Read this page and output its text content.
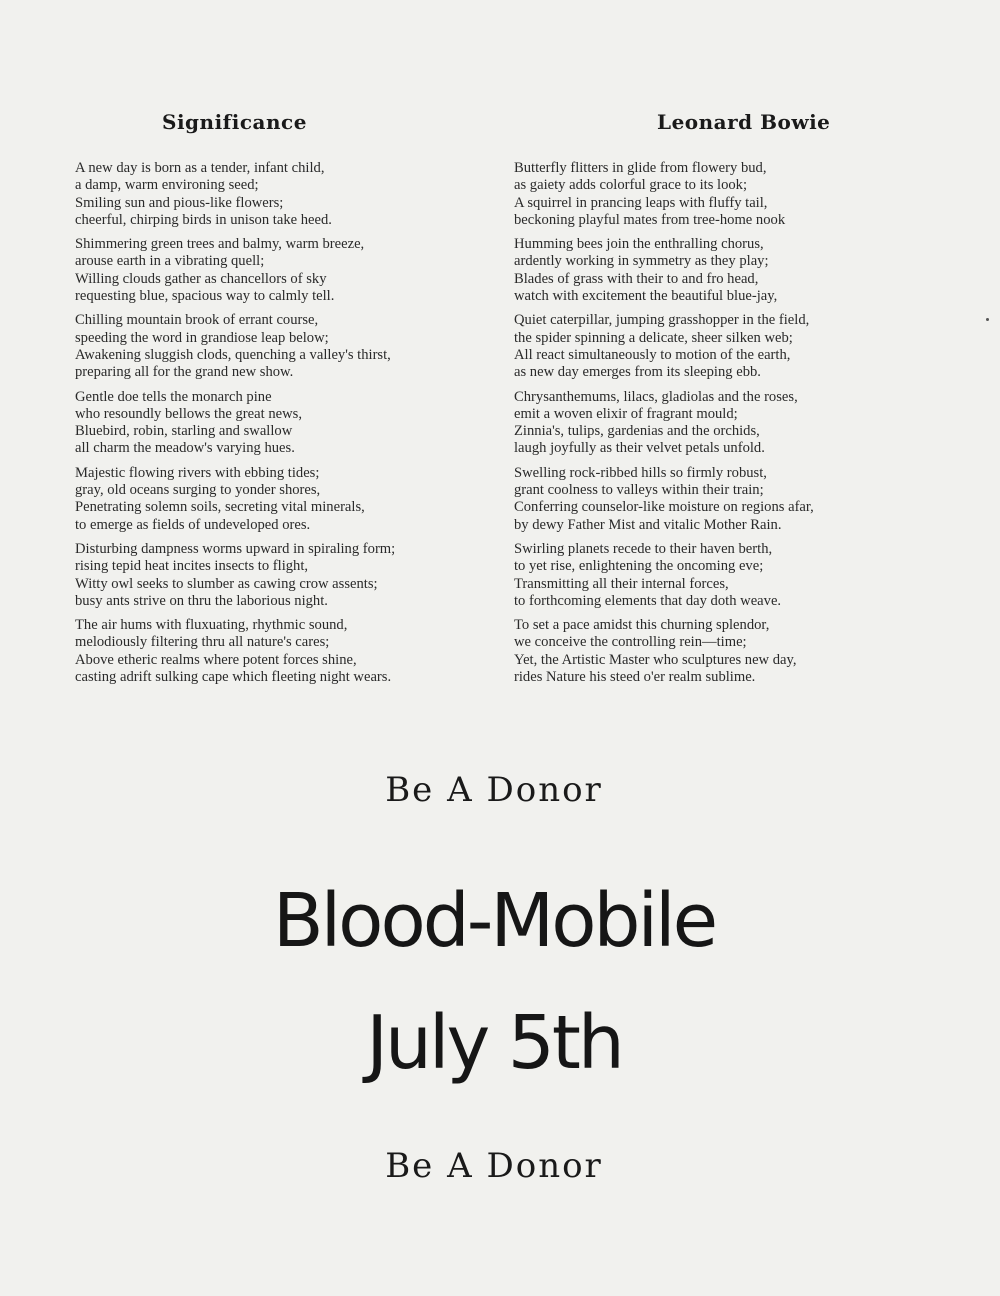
Significance	Leonard Bowie
A new day is born as a tender, infant child,
a damp, warm environing seed;
Smiling sun and pious-like flowers;
cheerful, chirping birds in unison take heed.
Shimmering green trees and balmy, warm breeze,
arouse earth in a vibrating quell;
Willing clouds gather as chancellors of sky
requesting blue, spacious way to calmly tell.
Chilling mountain brook of errant course,
speeding the word in grandiose leap below;
Awakening sluggish clods, quenching a valley's thirst,
preparing all for the grand new show.
Gentle doe tells the monarch pine
who resoundly bellows the great news,
Bluebird, robin, starling and swallow
all charm the meadow's varying hues.
Majestic flowing rivers with ebbing tides;
gray, old oceans surging to yonder shores,
Penetrating solemn soils, secreting vital minerals,
to emerge as fields of undeveloped ores.
Disturbing dampness worms upward in spiraling form;
rising tepid heat incites insects to flight,
Witty owl seeks to slumber as cawing crow assents;
busy ants strive on thru the laborious night.
The air hums with fluxuating, rhythmic sound,
melodiously filtering thru all nature's cares;
Above etheric realms where potent forces shine,
casting adrift sulking cape which fleeting night wears.
Butterfly flitters in glide from flowery bud,
as gaiety adds colorful grace to its look;
A squirrel in prancing leaps with fluffy tail,
beckoning playful mates from tree-home nook
Humming bees join the enthralling chorus,
ardently working in symmetry as they play;
Blades of grass with their to and fro head,
watch with excitement the beautiful blue-jay,
Quiet caterpillar, jumping grasshopper in the field,
the spider spinning a delicate, sheer silken web;
All react simultaneously to motion of the earth,
as new day emerges from its sleeping ebb.
Chrysanthemums, lilacs, gladiolas and the roses,
emit a woven elixir of fragrant mould;
Zinnia's, tulips, gardenias and the orchids,
laugh joyfully as their velvet petals unfold.
Swelling rock-ribbed hills so firmly robust,
grant coolness to valleys within their train;
Conferring counselor-like moisture on regions afar,
by dewy Father Mist and vitalic Mother Rain.
Swirling planets recede to their haven berth,
to yet rise, enlightening the oncoming eve;
Transmitting all their internal forces,
to forthcoming elements that day doth weave.
To set a pace amidst this churning splendor,
we conceive the controlling rein—time;
Yet, the Artistic Master who sculptures new day,
rides Nature his steed o'er realm sublime.
Be A Donor
Blood-Mobile
July 5th
Be A Donor
